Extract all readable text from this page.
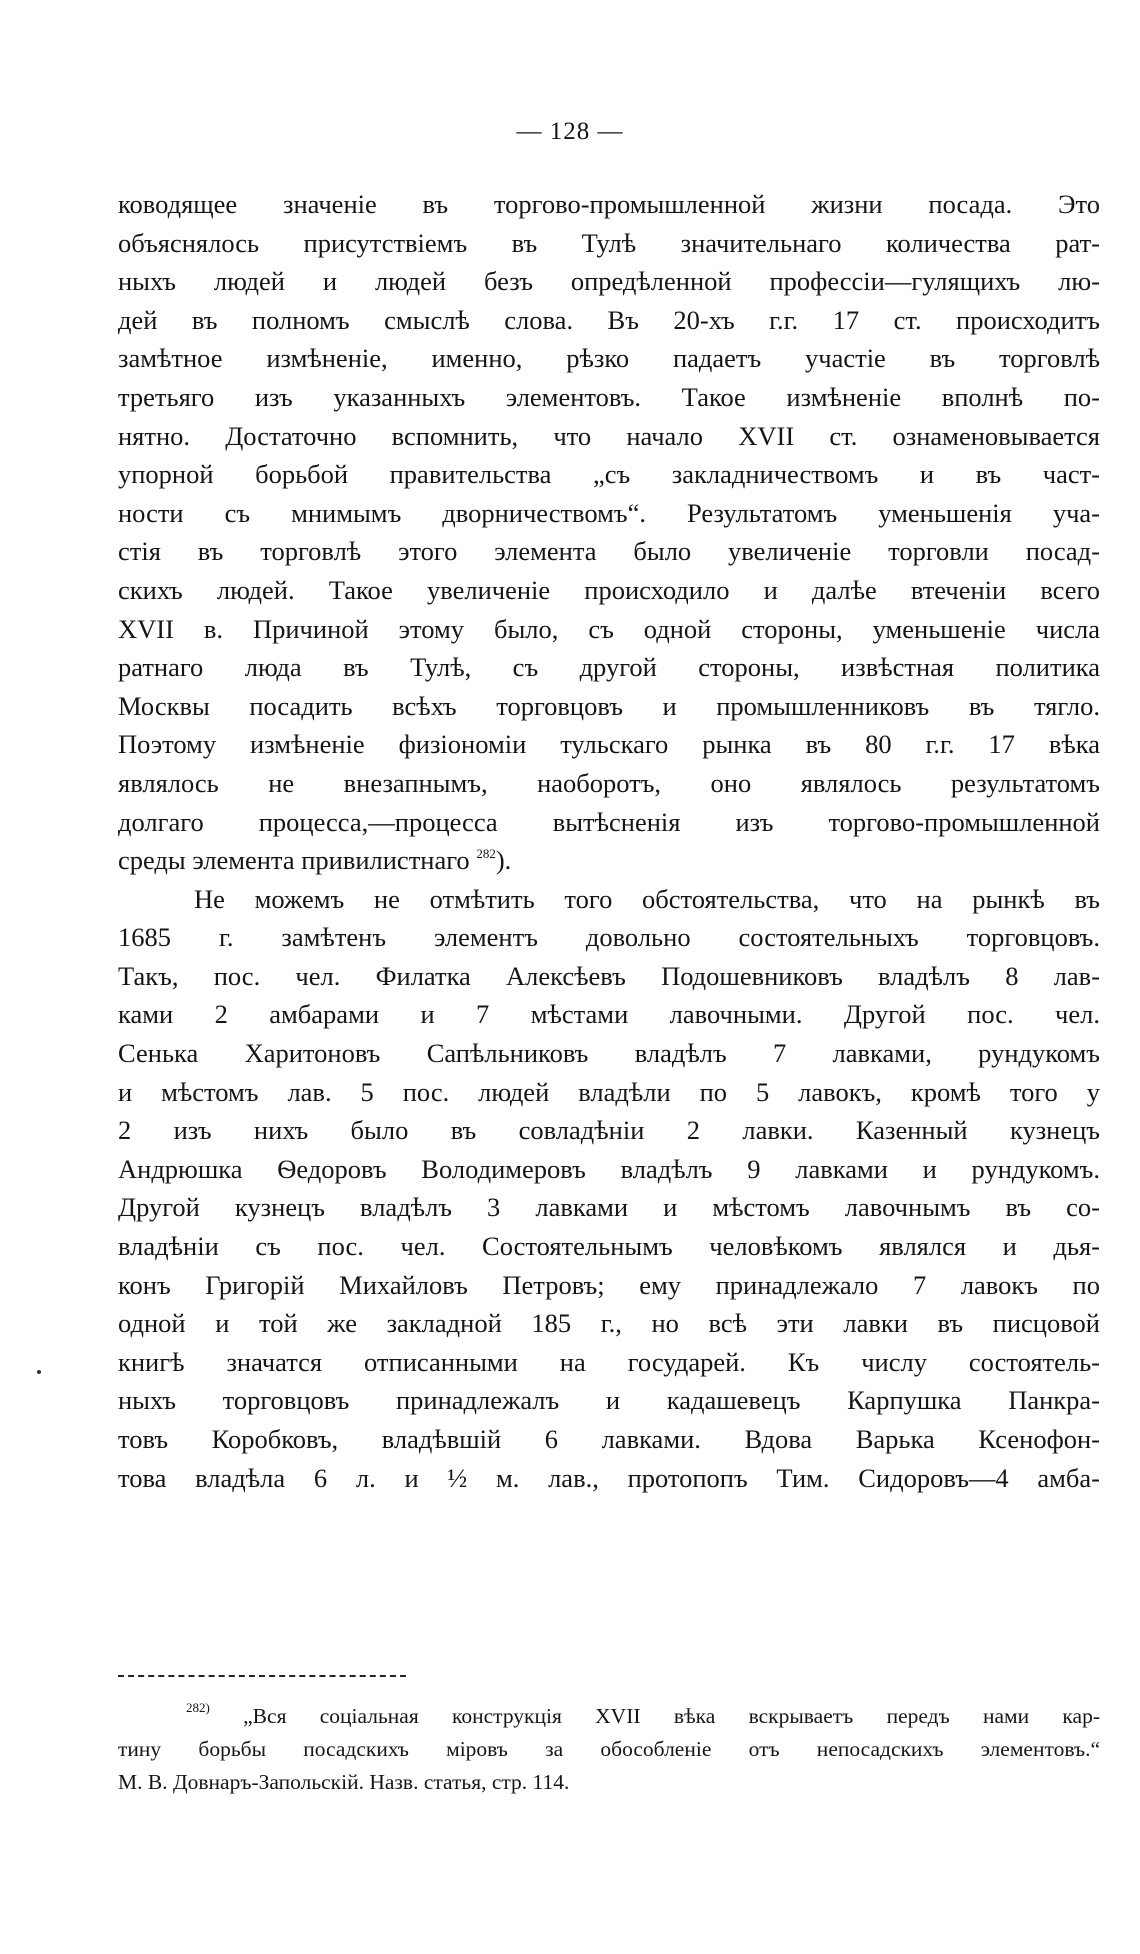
— 128 —
ководящее значеніе въ торгово-промышленной жизни посада. Это
объяснялось присутствіемъ въ Тулѣ значительнаго количества рат-
ныхъ людей и людей безъ опредѣленной профессіи—гулящихъ лю-
дей въ полномъ смыслѣ слова. Въ 20-хъ г.г. 17 ст. происходитъ
замѣтное измѣненіе, именно, рѣзко падаетъ участіе въ торговлѣ
третьяго изъ указанныхъ элементовъ. Такое измѣненіе вполнѣ по-
нятно. Достаточно вспомнить, что начало XVII ст. ознаменовывается
упорной борьбой правительства „съ закладничествомъ и въ част-
ности съ мнимымъ дворничествомъ“. Результатомъ уменьшенія уча-
стія въ торговлѣ этого элемента было увеличеніе торговли посад-
скихъ людей. Такое увеличеніе происходило и далѣе втеченіи всего
XVII в. Причиной этому было, съ одной стороны, уменьшеніе числа
ратнаго люда въ Тулѣ, съ другой стороны, извѣстная политика
Москвы посадить всѣхъ торговцовъ и промышленниковъ въ тягло.
Поэтому измѣненіе физіономіи тульскаго рынка въ 80 г.г. 17 вѣка
являлось не внезапнымъ, наоборотъ, оно являлось результатомъ
долгаго процесса,—процесса вытѣсненія изъ торгово-промышленной
среды элемента привилистнаго $^{282}$).
Не можемъ не отмѣтить того обстоятельства, что на рынкѣ въ
1685 г. замѣтенъ элементъ довольно состоятельныхъ торговцовъ.
Такъ, пос. чел. Филатка Алексѣевъ Подошевниковъ владѣлъ 8 лав-
ками 2 амбарами и 7 мѣстами лавочными. Другой пос. чел.
Сенька Харитоновъ Сапѣльниковъ владѣлъ 7 лавками, рундукомъ
и мѣстомъ лав. 5 пос. людей владѣли по 5 лавокъ, кромѣ того у
2 изъ нихъ было въ совладѣніи 2 лавки. Казенный кузнецъ
Андрюшка Ѳедоровъ Володимеровъ владѣлъ 9 лавками и рундукомъ.
Другой кузнецъ владѣлъ 3 лавками и мѣстомъ лавочнымъ въ со-
владѣніи съ пос. чел. Состоятельнымъ человѣкомъ являлся и дья-
конъ Григорій Михайловъ Петровъ; ему принадлежало 7 лавокъ по
одной и той же закладной 185 г., но всѣ эти лавки въ писцовой
книгѣ значатся отписанными на государей. Къ числу состоятель-
ныхъ торговцовъ принадлежалъ и кадашевецъ Карпушка Панкра-
товъ Коробковъ, владѣвшій 6 лавками. Вдова Варька Ксенофон-
това владѣла 6 л. и ½ м. лав., протопопъ Тим. Сидоровъ—4 амба-
$^{282)}$ „Вся соціальная конструкція XVII вѣка вскрываетъ передъ нами кар-
тину борьбы посадскихъ міровъ за обособленіе отъ непосадскихъ элементовъ.“
М. В. Довнаръ-Запольскій. Назв. статья, стр. 114.
